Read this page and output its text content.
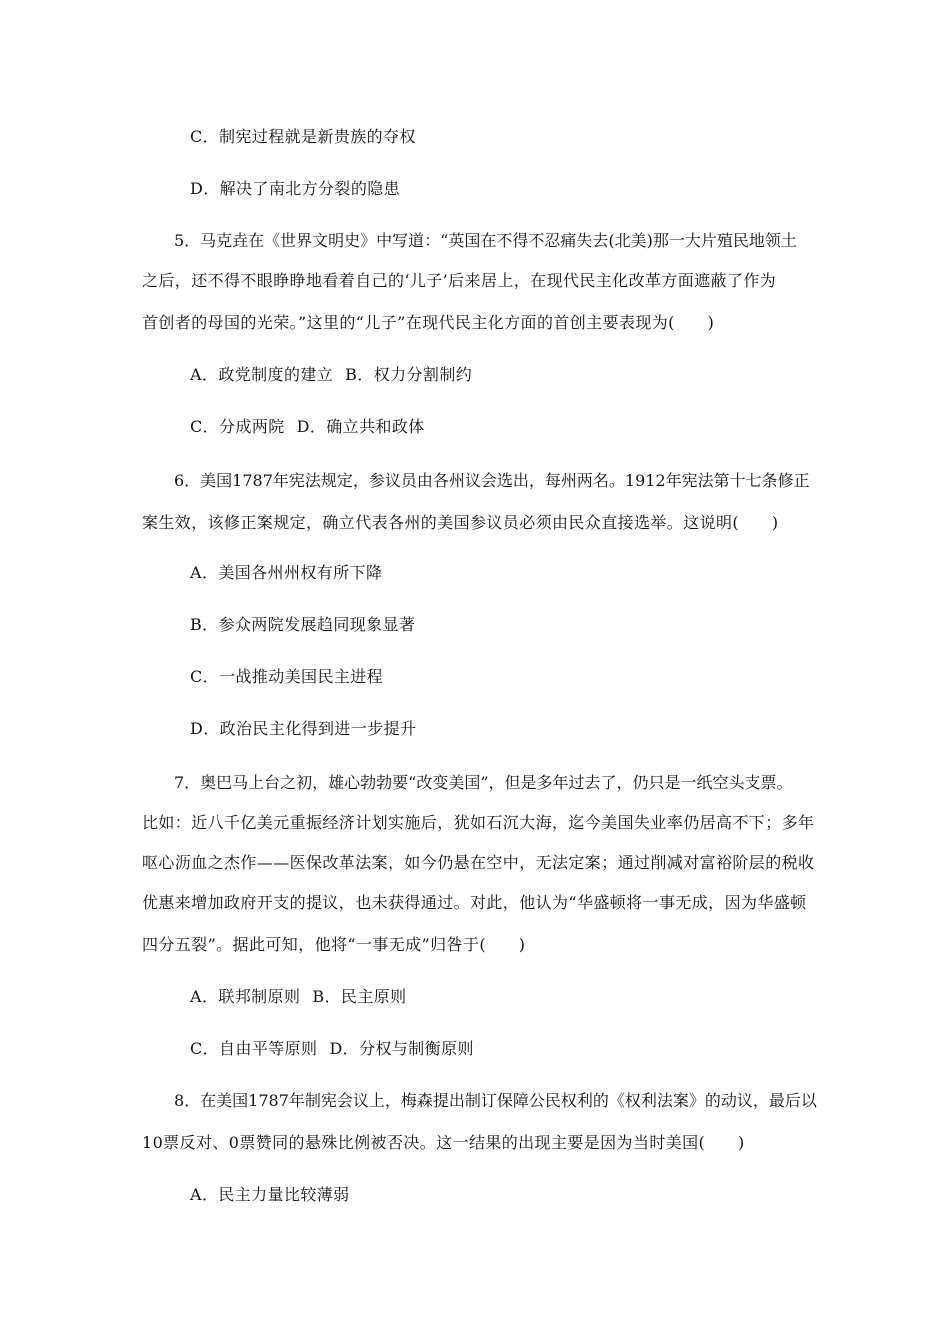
C．制宪过程就是新贵族的夺权
D．解决了南北方分裂的隐患
5．马克垚在《世界文明史》中写道：“英国在不得不忍痛失去(北美)那一大片殖民地领土
之后，还不得不眼睁睁地看着自己的‘儿子’后来居上，在现代民主化改革方面遮蔽了作为
首创者的母国的光荣。”这里的“儿子”在现代民主化方面的首创主要表现为(　　)
A．政党制度的建立 B．权力分割制约
C．分成两院 D．确立共和政体
6．美国1787年宪法规定，参议员由各州议会选出，每州两名。1912年宪法第十七条修正
案生效，该修正案规定，确立代表各州的美国参议员必须由民众直接选举。这说明(　　)
A．美国各州州权有所下降
B．参众两院发展趋同现象显著
C．一战推动美国民主进程
D．政治民主化得到进一步提升
7．奥巴马上台之初，雄心勃勃要“改变美国”，但是多年过去了，仍只是一纸空头支票。
比如：近八千亿美元重振经济计划实施后，犹如石沉大海，迄今美国失业率仍居高不下；多年
呕心沥血之杰作——医保改革法案，如今仍悬在空中，无法定案；通过削减对富裕阶层的税收
优惠来增加政府开支的提议，也未获得通过。对此，他认为“华盛顿将一事无成，因为华盛顿
四分五裂”。据此可知，他将“一事无成”归咎于(　　)
A．联邦制原则 B．民主原则
C．自由平等原则 D．分权与制衡原则
8．在美国1787年制宪会议上，梅森提出制订保障公民权利的《权利法案》的动议，最后以
10票反对、0票赞同的悬殊比例被否决。这一结果的出现主要是因为当时美国(　　)
A．民主力量比较薄弱
